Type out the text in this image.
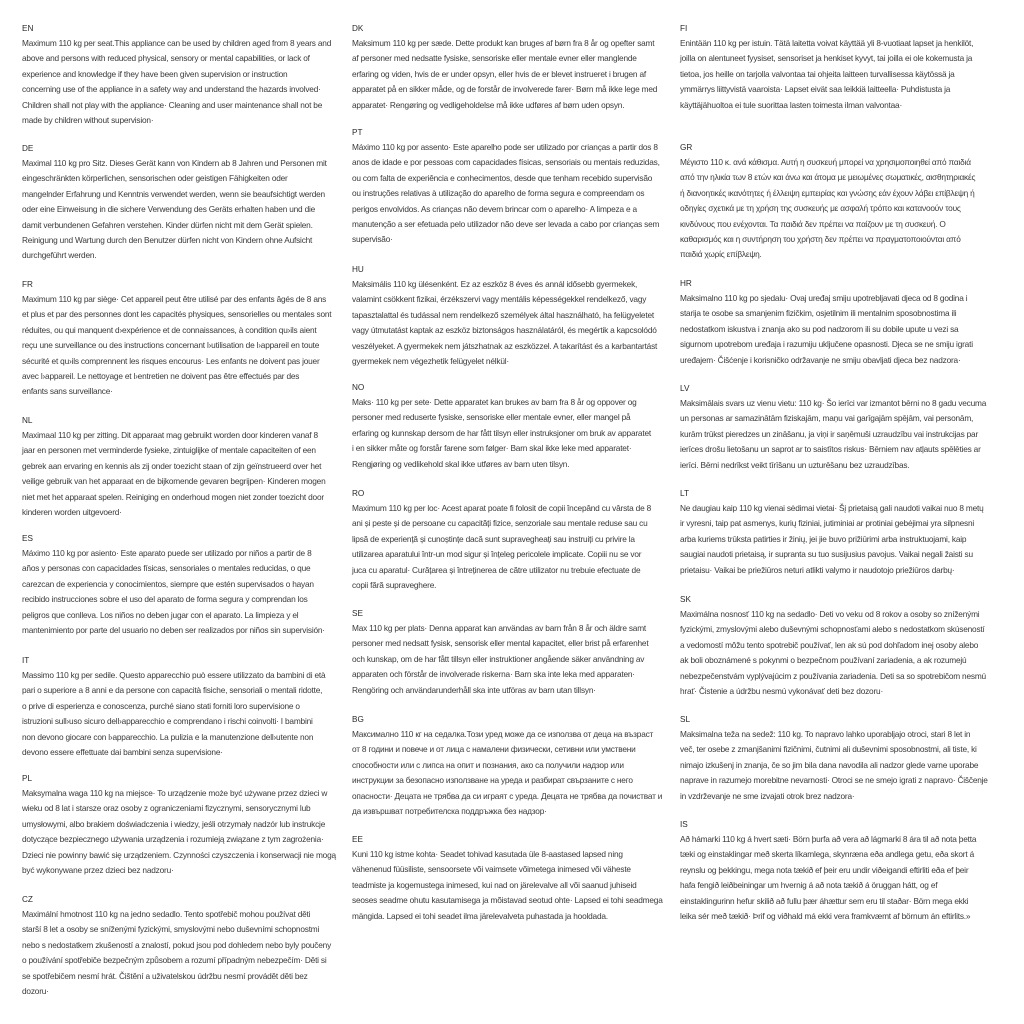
EN
Maximum 110 kg per seat.This appliance can be used by children aged from 8 years and
above and persons with reduced physical, sensory or mental capabilities, or lack of
experience and knowledge if they have been given supervision or instruction
concerning use of the appliance in a safety way and understand the hazards involved·
Children shall not play with the appliance· Cleaning and user maintenance shall not be
made by children without supervision·
DE
Maximal 110 kg pro Sitz. Dieses Gerät kann von Kindern ab 8 Jahren und Personen mit
eingeschränkten körperlichen, sensorischen oder geistigen Fähigkeiten oder
mangelnder Erfahrung und Kenntnis verwendet werden, wenn sie beaufsichtigt werden
oder eine Einweisung in die sichere Verwendung des Geräts erhalten haben und die
damit verbundenen Gefahren verstehen. Kinder dürfen nicht mit dem Gerät spielen.
Reinigung und Wartung durch den Benutzer dürfen nicht von Kindern ohne Aufsicht
durchgeführt werden.
FR
Maximum 110 kg par siège· Cet appareil peut être utilisé par des enfants âgés de 8 ans
et plus et par des personnes dont les capacités physiques, sensorielles ou mentales sont
réduites, ou qui manquent d›expérience et de connaissances, à condition qu›ils aient
reçu une surveillance ou des instructions concernant l›utilisation de l›appareil en toute
sécurité et qu›ils comprennent les risques encourus· Les enfants ne doivent pas jouer
avec l›appareil. Le nettoyage et l›entretien ne doivent pas être effectués par des
enfants sans surveillance·
NL
Maximaal 110 kg per zitting. Dit apparaat mag gebruikt worden door kinderen vanaf 8
jaar en personen met verminderde fysieke, zintuiglijke of mentale capaciteiten of een
gebrek aan ervaring en kennis als zij onder toezicht staan of zijn geïnstrueerd over het
veilige gebruik van het apparaat en de bijkomende gevaren begrijpen· Kinderen mogen
niet met het apparaat spelen. Reiniging en onderhoud mogen niet zonder toezicht door
kinderen worden uitgevoerd·
ES
Máximo 110 kg por asiento· Este aparato puede ser utilizado por niños a partir de 8
años y personas con capacidades físicas, sensoriales o mentales reducidas, o que
carezcan de experiencia y conocimientos, siempre que estén supervisados o hayan
recibido instrucciones sobre el uso del aparato de forma segura y comprendan los
peligros que conlleva. Los niños no deben jugar con el aparato. La limpieza y el
mantenimiento por parte del usuario no deben ser realizados por niños sin supervisión·
IT
Massimo 110 kg per sedile. Questo apparecchio può essere utilizzato da bambini di età
pari o superiore a 8 anni e da persone con capacità fisiche, sensoriali o mentali ridotte,
o prive di esperienza e conoscenza, purché siano stati forniti loro supervisione o
istruzioni sull›uso sicuro dell›apparecchio e comprendano i rischi coinvolti· I bambini
non devono giocare con l›apparecchio. La pulizia e la manutenzione dell›utente non
devono essere effettuate dai bambini senza supervisione·
PL
Maksymalna waga 110 kg na miejsce· To urządzenie może być używane przez dzieci w
wieku od 8 lat i starsze oraz osoby z ograniczeniami fizycznymi, sensorycznymi lub
umysłowymi, albo brakiem doświadczenia i wiedzy, jeśli otrzymały nadzór lub instrukcje
dotyczące bezpiecznego używania urządzenia i rozumieją związane z tym zagrożenia·
Dzieci nie powinny bawić się urządzeniem. Czynności czyszczenia i konserwacji nie mogą
być wykonywane przez dzieci bez nadzoru·
CZ
Maximální hmotnost 110 kg na jedno sedadlo. Tento spotřebič mohou používat děti
starší 8 let a osoby se sníženými fyzickými, smyslovými nebo duševními schopnostmi
nebo s nedostatkem zkušeností a znalostí, pokud jsou pod dohledem nebo byly poučeny
o používání spotřebiče bezpečným způsobem a rozumí případným nebezpečím· Děti si
se spotřebičem nesmí hrát. Čištění a uživatelskou údržbu nesmí provádět děti bez
dozoru·
DK
Maksimum 110 kg per sæde. Dette produkt kan bruges af børn fra 8 år og opefter samt
af personer med nedsatte fysiske, sensoriske eller mentale evner eller manglende
erfaring og viden, hvis de er under opsyn, eller hvis de er blevet instrueret i brugen af
apparatet på en sikker måde, og de forstår de involverede farer· Børn må ikke lege med
apparatet· Rengøring og vedligeholdelse må ikke udføres af børn uden opsyn.
PT
Máximo 110 kg por assento· Este aparelho pode ser utilizado por crianças a partir dos 8
anos de idade e por pessoas com capacidades físicas, sensoriais ou mentais reduzidas,
ou com falta de experiência e conhecimentos, desde que tenham recebido supervisão
ou instruções relativas à utilização do aparelho de forma segura e compreendam os
perigos envolvidos. As crianças não devem brincar com o aparelho· A limpeza e a
manutenção a ser efetuada pelo utilizador não deve ser levada a cabo por crianças sem
supervisão·
HU
Maksimális 110 kg ülésenként. Ez az eszköz 8 éves és annál idősebb gyermekek,
valamint csökkent fizikai, érzékszervi vagy mentális képességekkel rendelkező, vagy
tapasztalattal és tudással nem rendelkező személyek által használható, ha felügyeletet
vagy útmutatást kaptak az eszköz biztonságos használatáról, és megértik a kapcsolódó
veszélyeket. A gyermekek nem játszhatnak az eszközzel. A takarítást és a karbantartást
gyermekek nem végezhetik felügyelet nélkül·
NO
Maks· 110 kg per sete· Dette apparatet kan brukes av barn fra 8 år og oppover og
personer med reduserte fysiske, sensoriske eller mentale evner, eller mangel på
erfaring og kunnskap dersom de har fått tilsyn eller instruksjoner om bruk av apparatet
i en sikker måte og forstår farene som følger· Barn skal ikke leke med apparatet·
Rengjøring og vedlikehold skal ikke utføres av barn uten tilsyn.
RO
Maximum 110 kg per loc· Acest aparat poate fi folosit de copii începând cu vârsta de 8
ani și peste și de persoane cu capacități fizice, senzoriale sau mentale reduse sau cu
lipsă de experiență și cunoștințe dacă sunt supravegheați sau instruiți cu privire la
utilizarea aparatului într-un mod sigur și înțeleg pericolele implicate. Copiii nu se vor
juca cu aparatul· Curățarea și întreținerea de către utilizator nu trebuie efectuate de
copii fără supraveghere.
SE
Max 110 kg per plats· Denna apparat kan användas av barn från 8 år och äldre samt
personer med nedsatt fysisk, sensorisk eller mental kapacitet, eller brist på erfarenhet
och kunskap, om de har fått tillsyn eller instruktioner angående säker användning av
apparaten och förstår de involverade riskerna· Barn ska inte leka med apparaten·
Rengöring och användarunderhåll ska inte utföras av barn utan tillsyn·
BG
Максимално 110 кг на седалка.Този уред може да се използва от деца на възраст
от 8 години и повече и от лица с намалени физически, сетивни или умствени
способности или с липса на опит и познания, ако са получили надзор или
инструкции за безопасно използване на уреда и разбират свързаните с него
опасности· Децата не трябва да си играят с уреда. Децата не трябва да почистват и
да извършват потребителска поддръжка без надзор·
EE
Kuni 110 kg istme kohta· Seadet tohivad kasutada üle 8-aastased lapsed ning
vähenenud füüsiliste, sensoorsete või vaimsete võimetega inimesed või väheste
teadmiste ja kogemustega inimesed, kui nad on järelevalve all või saanud juhiseid
seoses seadme ohutu kasutamisega ja mõistavad seotud ohte· Lapsed ei tohi seadmega
mängida. Lapsed ei tohi seadet ilma järelevalveta puhastada ja hooldada.
FI
Enintään 110 kg per istuin. Tätä laitetta voivat käyttää yli 8-vuotiaat lapset ja henkilöt,
joilla on alentuneet fyysiset, sensoriset ja henkiset kyvyt, tai joilla ei ole kokemusta ja
tietoa, jos heille on tarjolla valvontaa tai ohjeita laitteen turvallisessa käytössä ja
ymmärrys liittyvistä vaaroista· Lapset eivät saa leikkiä laitteella· Puhdistusta ja
käyttäjähuoltoa ei tule suorittaa lasten toimesta ilman valvontaa·
GR
Μέγιστο 110 κ. ανά κάθισμα. Αυτή η συσκευή μπορεί να χρησιμοποιηθεί από παιδιά
από την ηλικία των 8 ετών και άνω και άτομα με μειωμένες σωματικές, αισθητηριακές
ή διανοητικές ικανότητες ή έλλειψη εμπειρίας και γνώσης εάν έχουν λάβει επίβλεψη ή
οδηγίες σχετικά με τη χρήση της συσκευής με ασφαλή τρόπο και κατανοούν τους
κινδύνους που ενέχονται. Τα παιδιά δεν πρέπει να παίζουν με τη συσκευή. Ο
καθαρισμός και η συντήρηση του χρήστη δεν πρέπει να πραγματοποιούνται από
παιδιά χωρίς επίβλεψη.
HR
Maksimalno 110 kg po sjedalu· Ovaj uređaj smiju upotrebljavati djeca od 8 godina i
starija te osobe sa smanjenim fizičkim, osjetilnim ili mentalnim sposobnostima ili
nedostatkom iskustva i znanja ako su pod nadzorom ili su dobile upute u vezi sa
sigurnom upotrebom uređaja i razumiju uključene opasnosti. Djeca se ne smiju igrati
uređajem· Čišćenje i korisničko održavanje ne smiju obavljati djeca bez nadzora·
LV
Maksimālais svars uz vienu vietu: 110 kg· Šo ierīci var izmantot bērni no 8 gadu vecuma
un personas ar samazinātām fiziskajām, maņu vai garīgajām spējām, vai personām,
kurām trūkst pieredzes un zināšanu, ja viņi ir saņēmuši uzraudzību vai instrukcijas par
ierīces drošu lietošanu un saprot ar to saistītos riskus· Bērniem nav atļauts spēlēties ar
ierīci. Bērni nedrīkst veikt tīrīšanu un uzturēšanu bez uzraudzības.
LT
Ne daugiau kaip 110 kg vienai sėdimai vietai· Šį prietaisą gali naudoti vaikai nuo 8 metų
ir vyresni, taip pat asmenys, kurių fiziniai, jutiminiai ar protiniai gebėjimai yra silpnesni
arba kuriems trūksta patirties ir žinių, jei jie buvo prižiūrimi arba instruktuojami, kaip
saugiai naudoti prietaisą, ir supranta su tuo susijusius pavojus. Vaikai negali žaisti su
prietaisu· Vaikai be priežiūros neturi atlikti valymo ir naudotojo priežiūros darbų·
SK
Maximálna nosnosť 110 kg na sedadlo· Deti vo veku od 8 rokov a osoby so zníženými
fyzickými, zmyslovými alebo duševnými schopnosťami alebo s nedostatkom skúseností
a vedomostí môžu tento spotrebič používať, len ak sú pod dohľadom inej osoby alebo
ak boli oboznámené s pokynmi o bezpečnom používaní zariadenia, a ak rozumejú
nebezpečenstvám vyplývajúcim z používania zariadenia. Deti sa so spotrebičom nesmú
hrať· Čistenie a údržbu nesmú vykonávať deti bez dozoru·
SL
Maksimalna teža na sedež: 110 kg. To napravo lahko uporabljajo otroci, stari 8 let in
več, ter osebe z zmanjšanimi fizičnimi, čutnimi ali duševnimi sposobnostmi, ali tiste, ki
nimajo izkušenj in znanja, če so jim bila dana navodila ali nadzor glede varne uporabe
naprave in razumejo morebitne nevarnosti· Otroci se ne smejo igrati z napravo· Čiščenje
in vzdrževanje ne sme izvajati otrok brez nadzora·
IS
Að hámarki 110 kg á hvert sæti· Börn þurfa að vera að lágmarki 8 ára til að nota þetta
tæki og einstaklingar með skerta líkamlega, skynræna eða andlega getu, eða skort á
reynslu og þekkingu, mega nota tækið ef þeir eru undir viðeigandi eftirliti eða ef þeir
hafa fengið leiðbeiningar um hvernig á að nota tækið á öruggan hátt, og ef
einstaklingurinn hefur skilið að fullu þær áhættur sem eru til staðar· Börn mega ekki
leika sér með tækið· Þrif og viðhald má ekki vera framkvæmt af börnum án eftirlits.»
